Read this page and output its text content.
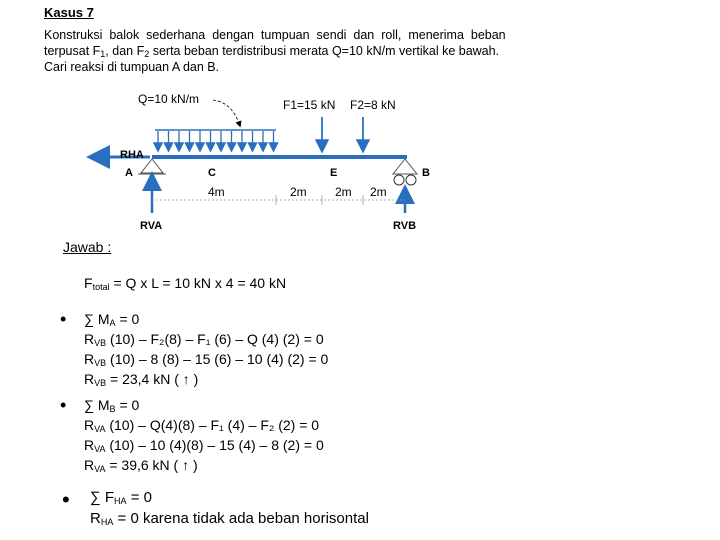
Kasus 7
Konstruksi balok sederhana dengan tumpuan sendi dan roll, menerima beban
terpusat $F_1$, dan $F_2$ serta beban terdistribusi merata Q=10 kN/m vertikal ke bawah.
Cari reaksi di tumpuan A dan B.
Q=10 kN/m	F1=15 kN F2=8 kN
RHA
A	C	E	B
4m	2m 2m 2m
RVA	RVB
Jawab :
$F_{total} = Q$ x L = 10 kN x 4 = 40 kN
• ∑ $M_A = 0$
$R_{VB}$ (10) – F₂(8) – F₁ (6) – Q (4) (2) = 0
$R_{VB}$ (10) – 8 (8) – 15 (6) – 10 (4) (2) = 0
$R_{VB} = 23,4$ kN ( ↑ )
• ∑ $M_B = 0$
$R_{VA}$ (10) – Q(4)(8) – F₁ (4) – F₂ (2) = 0
$R_{VA}$ (10) – 10 (4)(8) – 15 (4) – 8 (2) = 0
$R_{VA} = 39,6$ kN ( ↑ )
• ∑ $F_{HA} = 0$
$R_{HA} = 0$ karena tidak ada beban horisontal
